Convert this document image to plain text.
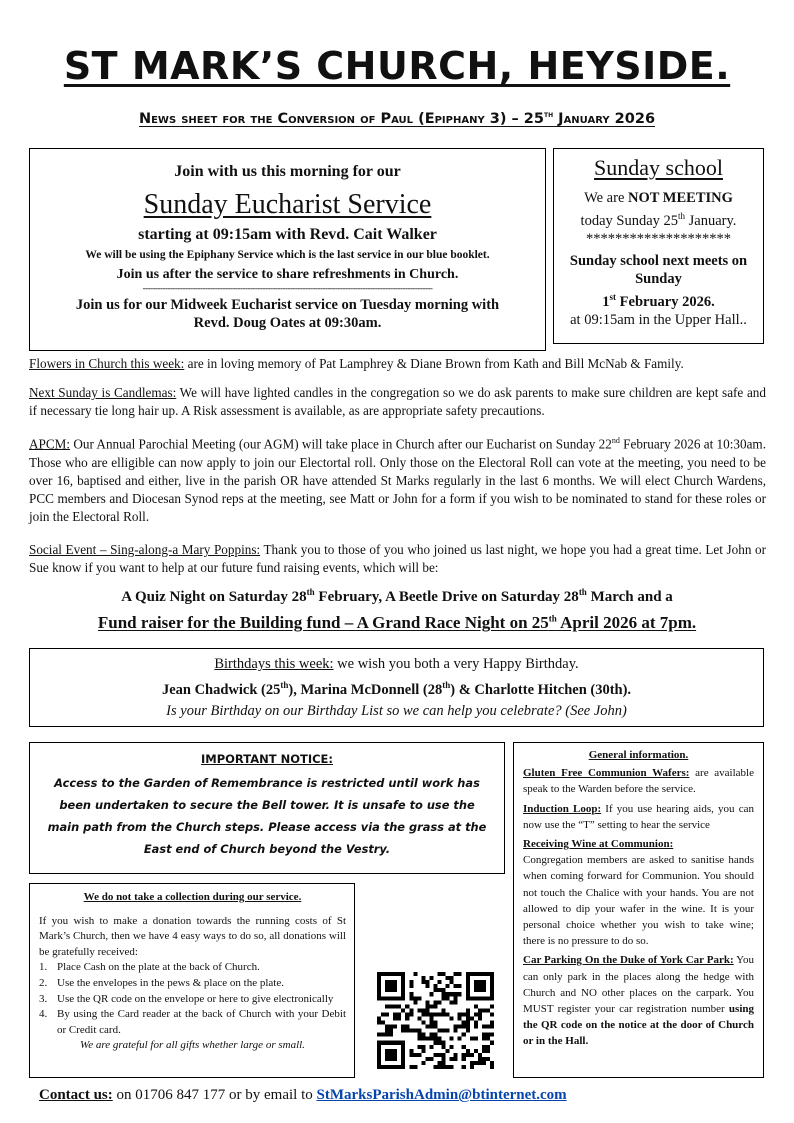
ST MARK’S CHURCH, HEYSIDE.
News sheet for the Conversion of Paul (Epiphany 3) – 25th January 2026
Join with us this morning for our
Sunday Eucharist Service
starting at 09:15am with Revd. Cait Walker
We will be using the Epiphany Service which is the last service in our blue booklet.
Join us after the service to share refreshments in Church.
--------------------------------------------------------------------------------------------------------------------
Join us for our Midweek Eucharist service on Tuesday morning with Revd. Doug Oates at 09:30am.
Sunday school
We are NOT MEETING
today Sunday 25th January.
********************
Sunday school next meets on Sunday
1st February 2026.
at 09:15am in the Upper Hall..
Flowers in Church this week: are in loving memory of Pat Lamphrey & Diane Brown from Kath and Bill McNab & Family.
Next Sunday is Candlemas: We will have lighted candles in the congregation so we do ask parents to make sure children are kept safe and if necessary tie long hair up. A Risk assessment is available, as are appropriate safety precautions.
APCM: Our Annual Parochial Meeting (our AGM) will take place in Church after our Eucharist on Sunday 22nd February 2026 at 10:30am. Those who are elligible can now apply to join our Electortal roll. Only those on the Electoral Roll can vote at the meeting, you need to be over 16, baptised and either, live in the parish OR have attended St Marks regularly in the last 6 months. We will elect Church Wardens, PCC members and Diocesan Synod reps at the meeting, see Matt or John for a form if you wish to be nominated to stand for these roles or join the Electoral Roll.
Social Event – Sing-along-a Mary Poppins: Thank you to those of you who joined us last night, we hope you had a great time. Let John or Sue know if you want to help at our future fund raising events, which will be:
A Quiz Night on Saturday 28th February, A Beetle Drive on Saturday 28th March and a
Fund raiser for the Building fund – A Grand Race Night on 25th April 2026 at 7pm.
Birthdays this week: we wish you both a very Happy Birthday.
Jean Chadwick (25th), Marina McDonnell (28th) & Charlotte Hitchen (30th).
Is your Birthday on our Birthday List so we can help you celebrate? (See John)
IMPORTANT NOTICE:
Access to the Garden of Remembrance is restricted until work has been undertaken to secure the Bell tower. It is unsafe to use the main path from the Church steps. Please access via the grass at the East end of Church beyond the Vestry.
We do not take a collection during our service.
If you wish to make a donation towards the running costs of St Mark’s Church, then we have 4 easy ways to do so, all donations will be gratefully received:
1. Place Cash on the plate at the back of Church.
2. Use the envelopes in the pews & place on the plate.
3. Use the QR code on the envelope or here to give electronically
4. By using the Card reader at the back of Church with your Debit or Credit card.
We are grateful for all gifts whether large or small.
General information.
Gluten Free Communion Wafers: are available speak to the Warden before the service.
Induction Loop: If you use hearing aids, you can now use the “T” setting to hear the service
Receiving Wine at Communion:
Congregation members are asked to sanitise hands when coming forward for Communion. You should not touch the Chalice with your hands. You are not allowed to dip your wafer in the wine. It is your personal choice whether you wish to take wine; there is no pressure to do so.
Car Parking On the Duke of York Car Park: You can only park in the places along the hedge with Church and NO other places on the carpark. You MUST register your car registration number using the QR code on the notice at the door of Church or in the Hall.
Contact us: on 01706 847 177 or by email to StMarksParishAdmin@btinternet.com
